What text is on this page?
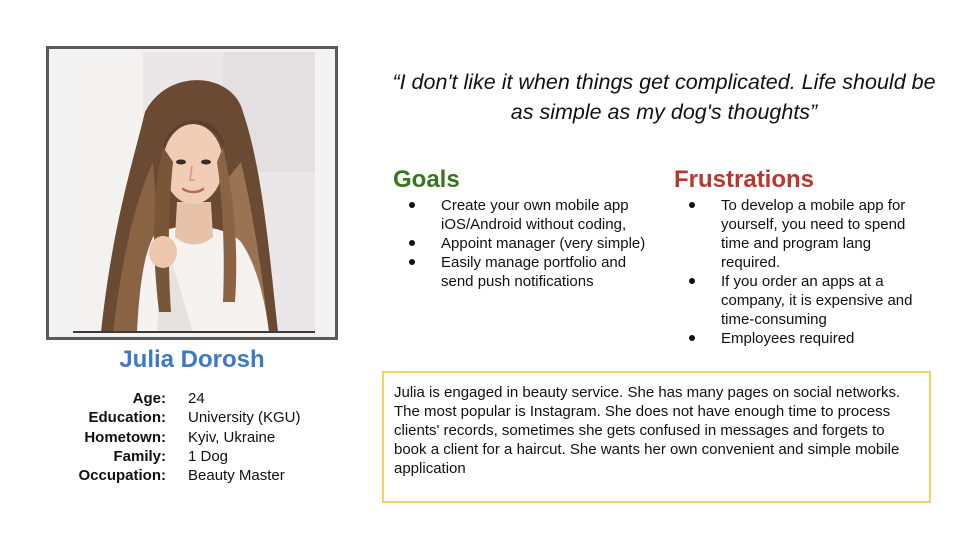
Julia Dorosh
Age: 24
Education: University (KGU)
Hometown: Kyiv, Ukraine
Family: 1 Dog
Occupation: Beauty Master
“I don't like it when things get complicated. Life should be as simple as my dog's thoughts”
Goals
Create your own mobile app iOS/Android without coding,
Appoint manager (very simple)
Easily manage portfolio and send push notifications
Frustrations
To develop a mobile app for yourself, you need to spend time and program lang required.
If you order an apps at a company, it is expensive and time-consuming
Employees required
Julia is engaged in beauty service. She has many pages on social networks. The most popular is Instagram. She does not have enough time to process clients' records, sometimes she gets confused in messages and forgets to book a client for a haircut. She wants her own convenient and simple mobile application
